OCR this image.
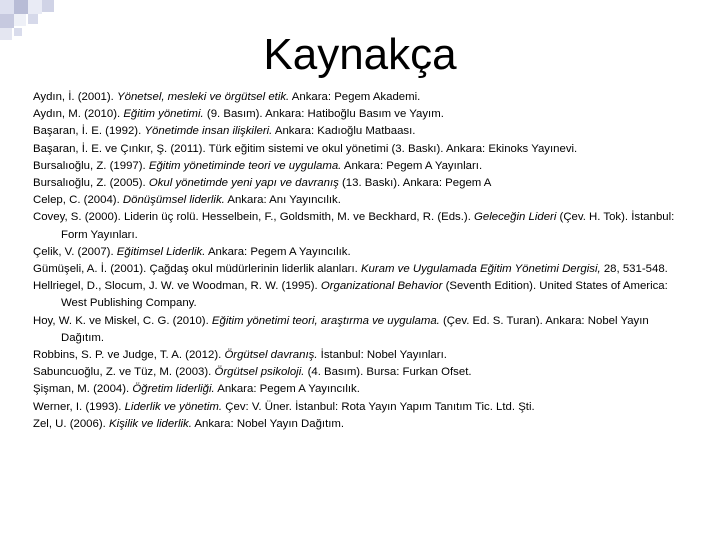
Kaynakça
Aydın, İ. (2001). Yönetsel, mesleki ve örgütsel etik. Ankara: Pegem Akademi.
Aydın, M. (2010). Eğitim yönetimi. (9. Basım). Ankara: Hatiboğlu Basım ve Yayım.
Başaran, İ. E. (1992). Yönetimde insan ilişkileri. Ankara: Kadıoğlu Matbaası.
Başaran, İ. E. ve Çınkır, Ş. (2011). Türk eğitim sistemi ve okul yönetimi (3. Baskı). Ankara: Ekinoks Yayınevi.
Bursalıoğlu, Z. (1997). Eğitim yönetiminde teori ve uygulama. Ankara: Pegem A Yayınları.
Bursalıoğlu, Z. (2005). Okul yönetimde yeni yapı ve davranış (13. Baskı). Ankara: Pegem A
Celep, C. (2004). Dönüşümsel liderlik. Ankara: Anı Yayıncılık.
Covey, S. (2000). Liderin üç rolü. Hesselbein, F., Goldsmith, M. ve Beckhard, R. (Eds.). Geleceğin Lideri (Çev. H. Tok). İstanbul: Form Yayınları.
Çelik, V. (2007). Eğitimsel Liderlik. Ankara: Pegem A Yayıncılık.
Gümüşeli, A. İ. (2001). Çağdaş okul müdürlerinin liderlik alanları. Kuram ve Uygulamada Eğitim Yönetimi Dergisi, 28, 531-548.
Hellriegel, D., Slocum, J. W. ve Woodman, R. W. (1995). Organizational Behavior (Seventh Edition). United States of America: West Publishing Company.
Hoy, W. K. ve Miskel, C. G. (2010). Eğitim yönetimi teori, araştırma ve uygulama. (Çev. Ed. S. Turan). Ankara: Nobel Yayın Dağıtım.
Robbins, S. P. ve Judge, T. A. (2012). Örgütsel davranış. İstanbul: Nobel Yayınları.
Sabuncuoğlu, Z. ve Tüz, M. (2003). Örgütsel psikoloji. (4. Basım). Bursa: Furkan Ofset.
Şişman, M. (2004). Öğretim liderliği. Ankara: Pegem A Yayıncılık.
Werner, I. (1993). Liderlik ve yönetim. Çev: V. Üner. İstanbul: Rota Yayın Yapım Tanıtım Tic. Ltd. Şti.
Zel, U. (2006). Kişilik ve liderlik. Ankara: Nobel Yayın Dağıtım.
